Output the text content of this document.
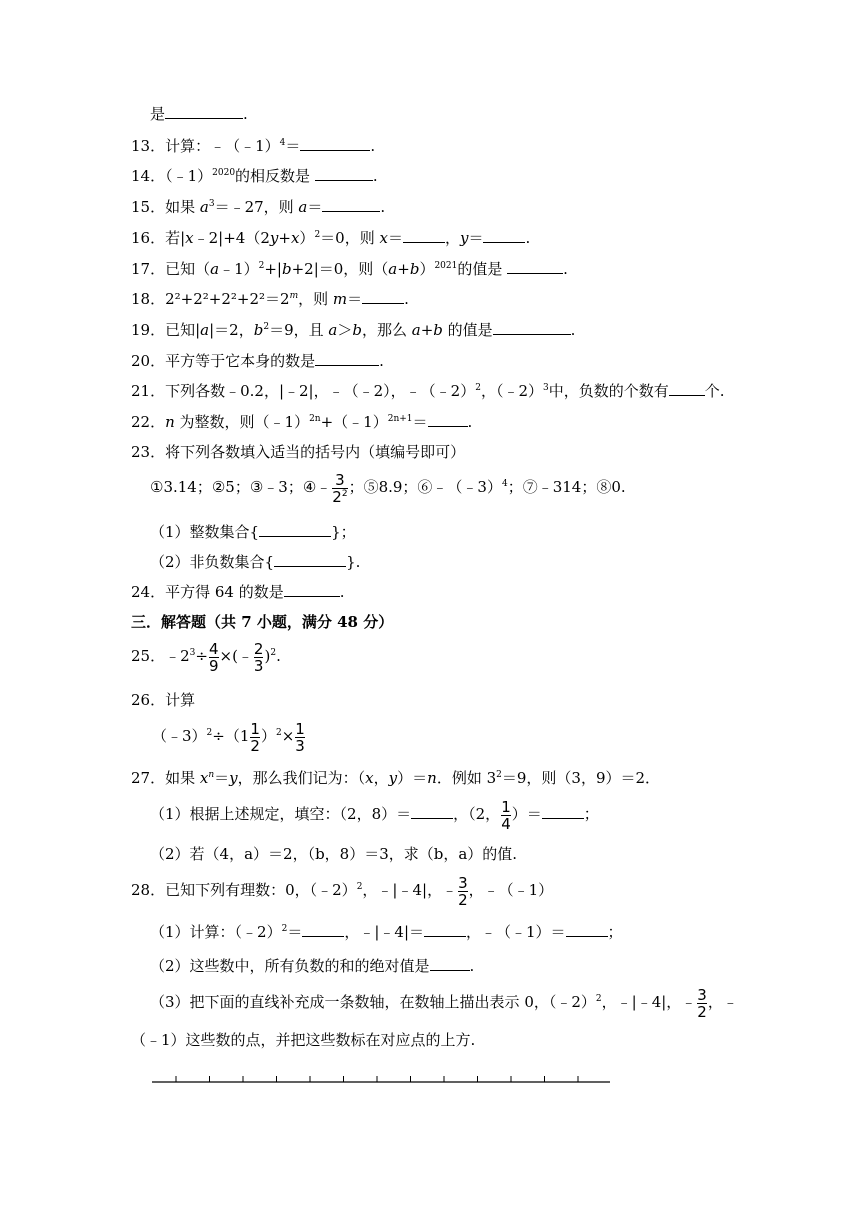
是	.
13．计算：﹣（﹣1）$^4$＝	.
14．（﹣1）$^{2020}$的相反数是	.
15．如果 $a^3=﹣27$，则 a＝	.
16．若$|x﹣2|+4(2y+x)^2=0$，则 x＝	，y＝	.
17．已知（a﹣1）$^2$+|b+2|＝0，则$(a+b)^{2021}$的值是	.
18．$2^2+2^2+2^2+2^2=2^m$，则 m＝	.
19．已知|a|＝2，$b^2=9$，且 a＞b，那么 a+b 的值是	.
20．平方等于它本身的数是	.
21．下列各数﹣0.2，|﹣2|，﹣（﹣2），﹣（﹣2）$^2$，（﹣2）$^3$中，负数的个数有 个.
22．n 为整数，则（﹣1）$^{2n}$+（﹣1）$^{2n+1}$＝	.
23．将下列各数填入适当的括号内（填编号即可）
①3.14；②5；③﹣3；④﹣ $\frac{3}{2^2}$ ；⑤8.9；⑥﹣（﹣3）$^4$；⑦﹣314；⑧0.
（1）整数集合{	}；
（2）非负数集合{	}.
24．平方得 64 的数是	.
三．解答题（共 7 小题，满分 48 分）
25．$﹣2^3\div \frac{4}{9}$ ×(﹣ $\frac{2}{3} )^2$.
26．计算
（﹣3）$^2$÷（1 $\frac{1}{2} )^2\times \frac{1}{3}$
27．如果 $x^n=y$，那么我们记为：（x，y）＝n．例如 $3^2=9$，则（3，9）＝2．
（1）根据上述规定，填空：（2，8）＝	，（2， $\frac{1}{4}$ ）＝	；
（2）若（4，a）＝2，（b，8）＝3，求（b，a）的值.
28．已知下列有理数：0，（﹣2）$^2$，﹣|﹣4|，﹣ $\frac{3}{2}$ ，﹣（﹣1）
（1）计算：（﹣2）$^2$＝	，﹣|﹣4|＝	，﹣（﹣1）＝	；
（2）这些数中，所有负数的和的绝对值是	.
（3）把下面的直线补充成一条数轴，在数轴上描出表示 0，（﹣2）$^2$，﹣|﹣4|，﹣ $\frac{3}{2}$ ，﹣
（﹣1）这些数的点，并把这些数标在对应点的上方.
